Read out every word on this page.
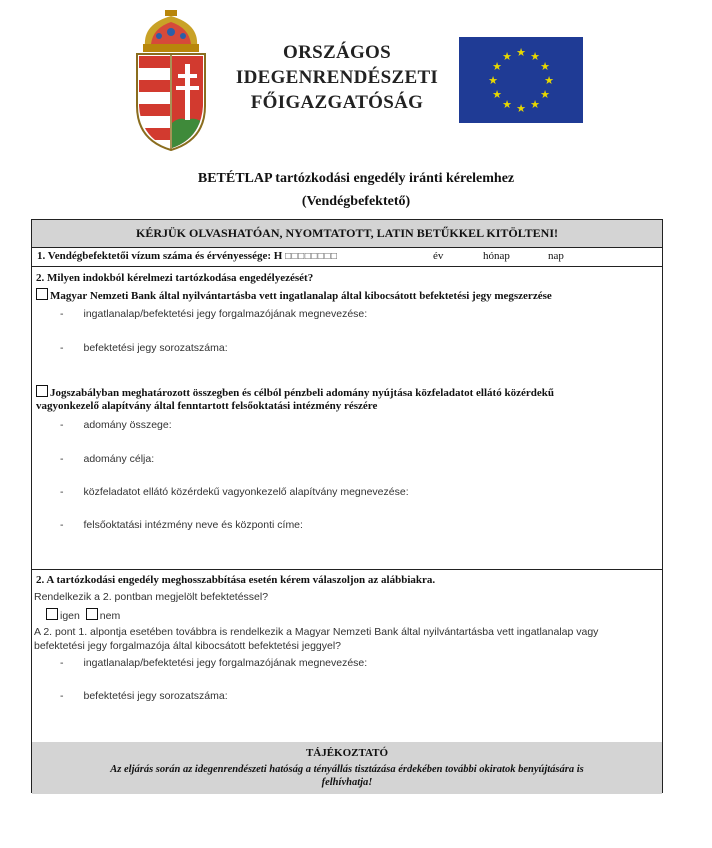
ORSZÁGOS
IDEGENRENDÉSZETI
FŐIGAZGATÓSÁG
★ ★
★
★
★
★
★
★
★
★
★
★
BETÉTLAP tartózkodási engedély iránti kérelemhez
(Vendégbefektető)
KÉRJÜK OLVASHATÓAN, NYOMTATOTT, LATIN BETŰKKEL KITÖLTENI!
1. Vendégbefektetői vízum száma és érvényessége: H □□□□□□□□	év	hónap	nap
2. Milyen indokból kérelmezi tartózkodása engedélyezését?
Magyar Nemzeti Bank által nyilvántartásba vett ingatlanalap által kibocsátott befektetési jegy megszerzése
- ingatlanalap/befektetési jegy forgalmazójának megnevezése:
- befektetési jegy sorozatszáma:
Jogszabályban meghatározott összegben és célból pénzbeli adomány nyújtása közfeladatot ellátó közérdekű
vagyonkezelő alapítvány által fenntartott felsőoktatási intézmény részére
- adomány összege:
- adomány célja:
- közfeladatot ellátó közérdekű vagyonkezelő alapítvány megnevezése:
- felsőoktatási intézmény neve és központi címe:
2. A tartózkodási engedély meghosszabbítása esetén kérem válaszoljon az alábbiakra.
Rendelkezik a 2. pontban megjelölt befektetéssel?
igen nem
A 2. pont 1. alpontja esetében továbbra is rendelkezik a Magyar Nemzeti Bank által nyilvántartásba vett ingatlanalap vagy
befektetési jegy forgalmazója által kibocsátott befektetési jeggyel?
- ingatlanalap/befektetési jegy forgalmazójának megnevezése:
- befektetési jegy sorozatszáma:
TÁJÉKOZTATÓ
Az eljárás során az idegenrendészeti hatóság a tényállás tisztázása érdekében további okiratok benyújtására is felhívhatja!
